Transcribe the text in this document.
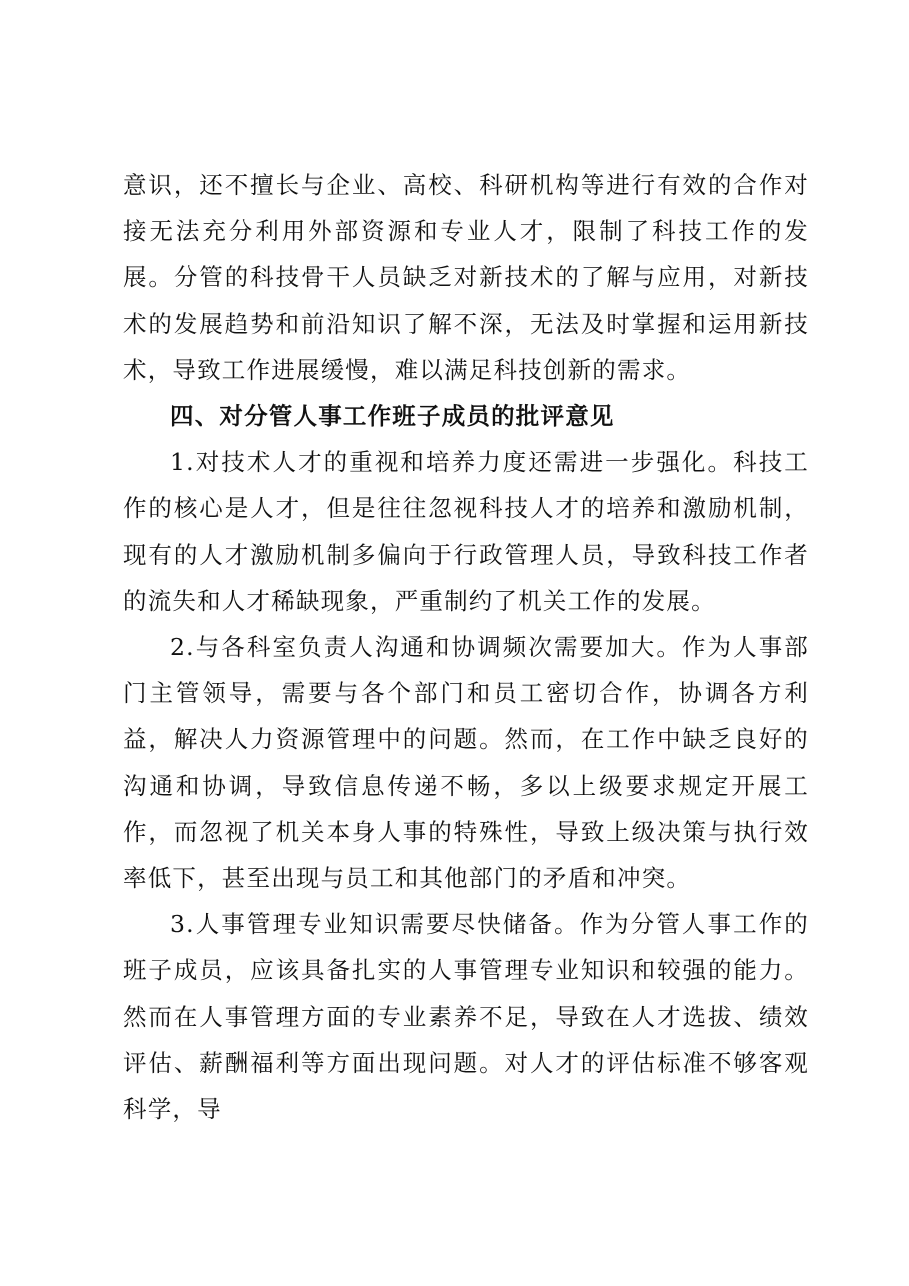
意识，还不擅长与企业、高校、科研机构等进行有效的合作对接无法充分利用外部资源和专业人才，限制了科技工作的发展。分管的科技骨干人员缺乏对新技术的了解与应用，对新技术的发展趋势和前沿知识了解不深，无法及时掌握和运用新技术，导致工作进展缓慢，难以满足科技创新的需求。

四、对分管人事工作班子成员的批评意见

1.对技术人才的重视和培养力度还需进一步强化。科技工作的核心是人才，但是往往忽视科技人才的培养和激励机制，现有的人才激励机制多偏向于行政管理人员，导致科技工作者的流失和人才稀缺现象，严重制约了机关工作的发展。

2.与各科室负责人沟通和协调频次需要加大。作为人事部门主管领导，需要与各个部门和员工密切合作，协调各方利益，解决人力资源管理中的问题。然而，在工作中缺乏良好的沟通和协调，导致信息传递不畅，多以上级要求规定开展工作，而忽视了机关本身人事的特殊性，导致上级决策与执行效率低下，甚至出现与员工和其他部门的矛盾和冲突。

3.人事管理专业知识需要尽快储备。作为分管人事工作的班子成员，应该具备扎实的人事管理专业知识和较强的能力。然而在人事管理方面的专业素养不足，导致在人才选拔、绩效评估、薪酬福利等方面出现问题。对人才的评估标准不够客观科学，导
